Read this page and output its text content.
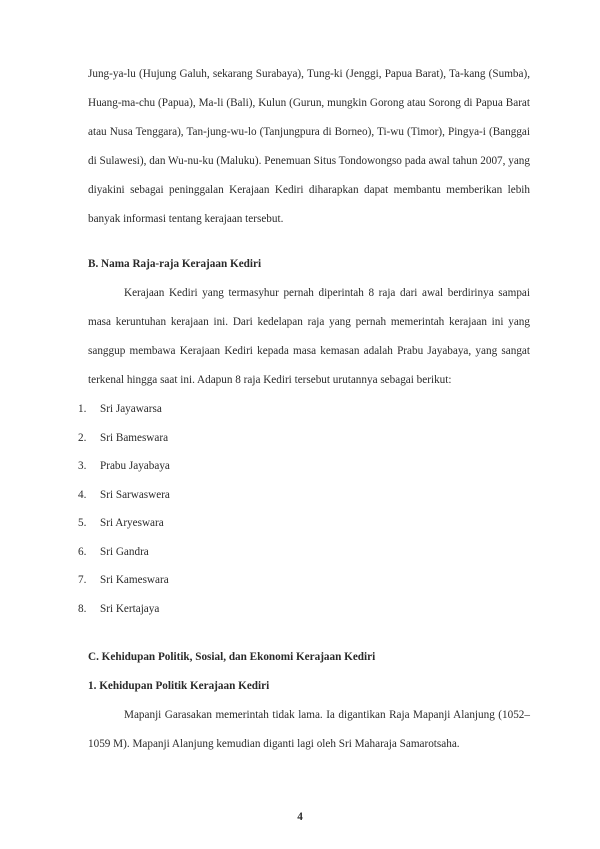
Jung-ya-lu (Hujung Galuh, sekarang Surabaya), Tung-ki (Jenggi, Papua Barat), Ta-kang (Sumba), Huang-ma-chu (Papua), Ma-li (Bali), Kulun (Gurun, mungkin Gorong atau Sorong di Papua Barat atau Nusa Tenggara), Tan-jung-wu-lo (Tanjungpura di Borneo), Ti-wu (Timor), Pingya-i (Banggai di Sulawesi), dan Wu-nu-ku (Maluku). Penemuan Situs Tondowongso pada awal tahun 2007, yang diyakini sebagai peninggalan Kerajaan Kediri diharapkan dapat membantu memberikan lebih banyak informasi tentang kerajaan tersebut.

B. Nama Raja-raja Kerajaan Kediri

Kerajaan Kediri yang termasyhur pernah diperintah 8 raja dari awal berdirinya sampai masa keruntuhan kerajaan ini. Dari kedelapan raja yang pernah memerintah kerajaan ini yang sanggup membawa Kerajaan Kediri kepada masa kemasan adalah Prabu Jayabaya, yang sangat terkenal hingga saat ini. Adapun 8 raja Kediri tersebut urutannya sebagai berikut:

1.	Sri Jayawarsa
2.	Sri Bameswara
3.	Prabu Jayabaya
4.	Sri Sarwaswera
5.	Sri Aryeswara
6.	Sri Gandra
7.	Sri Kameswara
8.	Sri Kertajaya

C. Kehidupan Politik, Sosial, dan Ekonomi Kerajaan Kediri

1. Kehidupan Politik Kerajaan Kediri

Mapanji Garasakan memerintah tidak lama. Ia digantikan Raja Mapanji Alanjung (1052–1059 M). Mapanji Alanjung kemudian diganti lagi oleh Sri Maharaja Samarotsaha.

4
